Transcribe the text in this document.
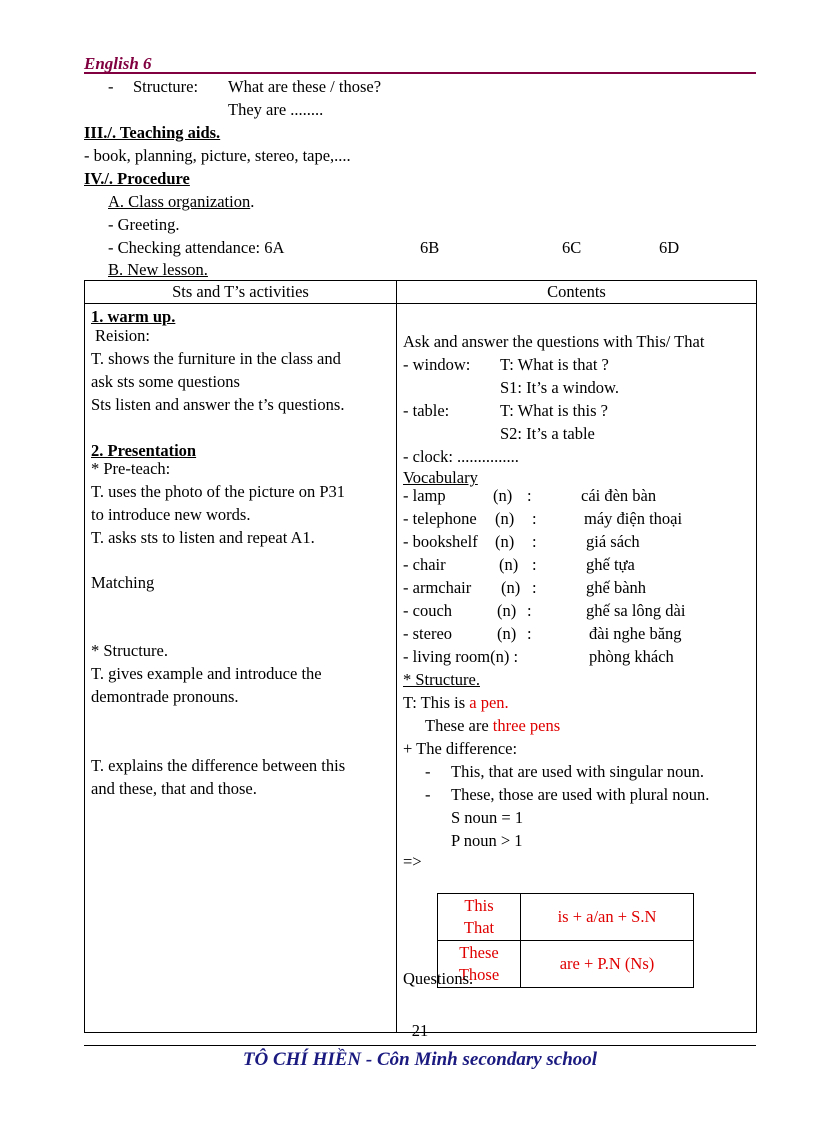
English 6
- Structure: What are these / those?
They are ........
III./. Teaching aids.
- book, planning, picture, stereo, tape,....
IV./. Procedure
A. Class organization.
- Greeting.
- Checking attendance: 6A	6B	6C	6D
B. New lesson.
Sts and T’s activities	Contents

1. warm up.
Reision:
T. shows the furniture in the class and
ask sts some questions
Sts listen and answer the t’s questions.
2. Presentation
* Pre-teach:
T. uses the photo of the picture on P31
to introduce new words.
T. asks sts to listen and repeat A1.
Matching
* Structure.
T. gives example and introduce the
demontrade pronouns.
T. explains the difference between this
and these, that and those.

Ask and answer the questions with This/ That
- window: T: What is that ?
S1: It’s a window.
- table:	T: What is this ?
S2: It’s a table
- clock: ...............
Vocabulary
- lamp	(n) :	cái đèn bàn
- telephone (n) :	máy điện thoại
- bookshelf (n) :	giá sách
- chair	(n) :	ghế tựa
- armchair (n) :	ghế bành
- couch	(n) :	ghế sa lông dài
- stereo	(n) :	đài nghe băng
- living room(n) :	phòng khách
* Structure.
T: This is a pen.
These are three pens
+ The difference:
- This, that are used with singular noun.
- These, those are used with plural noun.
S noun = 1
P noun > 1
=>
This
That
	is + a/an + S.N

These
Those
	are + P.N (Ns)
Questions.
21
TÔ CHÍ HIỀN - Côn Minh secondary school
